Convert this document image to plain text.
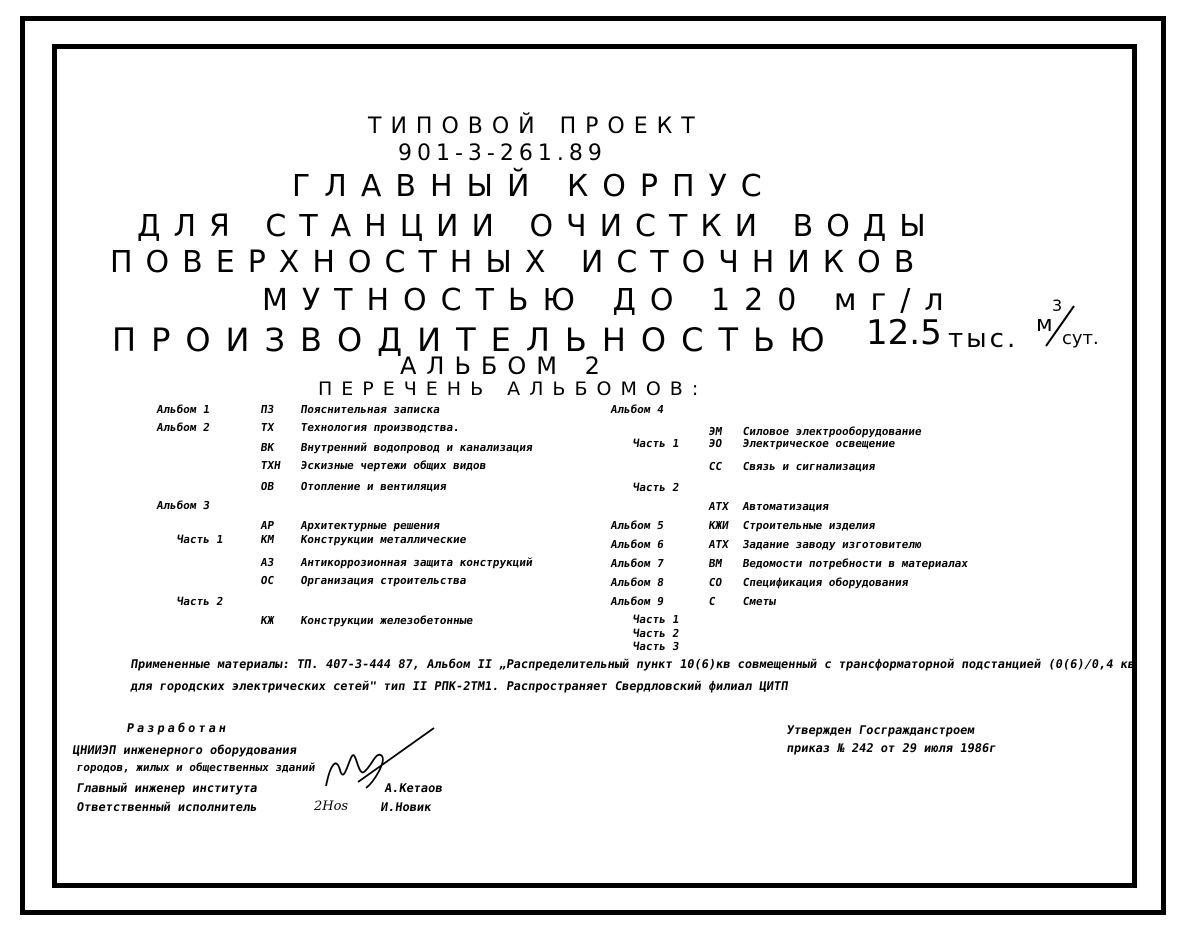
ТИПОВОЙ ПРОЕКТ
901-3-261.89
ГЛАВНЫЙ КОРПУС
ДЛЯ СТАНЦИИ ОЧИСТКИ ВОДЫ
ПОВЕРХНОСТНЫХ ИСТОЧНИКОВ
МУТНОСТЬЮ ДО 120 мг/л
ПРОИЗВОДИТЕЛЬНОСТЬЮ 12.5 тыс. м
3
сут.
АЛЬБОМ 2
ПЕРЕЧЕНЬ АЛЬБОМОВ:
Альбом 1	ПЗ Пояснительная записка
Альбом 2	ТХ Технология производства.
ВК Внутренний водопровод и канализация
ТХН Эскизные чертежи общих видов
ОВ Отопление и вентиляция
Альбом 3
АР Архитектурные решения
Часть 1	КМ Конструкции металлические
АЗ Антикоррозионная защита конструкций
ОС Организация строительства
Часть 2
КЖ Конструкции железобетонные
Альбом 4
ЭМ Силовое электрооборудование
Часть 1	ЭО Электрическое освещение
СС Связь и сигнализация
Часть 2
АТХ Автоматизация
Альбом 5	КЖИ Строительные изделия
Альбом 6	АТХ Задание заводу изготовителю
Альбом 7	ВМ Ведомости потребности в материалах
Альбом 8	СО Спецификация оборудования
Альбом 9	С Сметы
Часть 1
Часть 2
Часть 3
Примененные материалы: ТП. 407-3-444 87, Альбом II „Распределительный пункт 10(6)кв совмещенный с трансформаторной подстанцией (0(6)/0,4 кв
для городских электрических сетей" тип II РПК-2ТМ1. Распространяет Свердловский филиал ЦИТП
Разработан
ЦНИИЭП инженерного оборудования
городов, жилых и общественных зданий
Главный инженер института
Ответственный исполнитель
А.Кетаов
И.Новик
2Hos
Утвержден Госгражданстроем
приказ № 242 от 29 июля 1986г
